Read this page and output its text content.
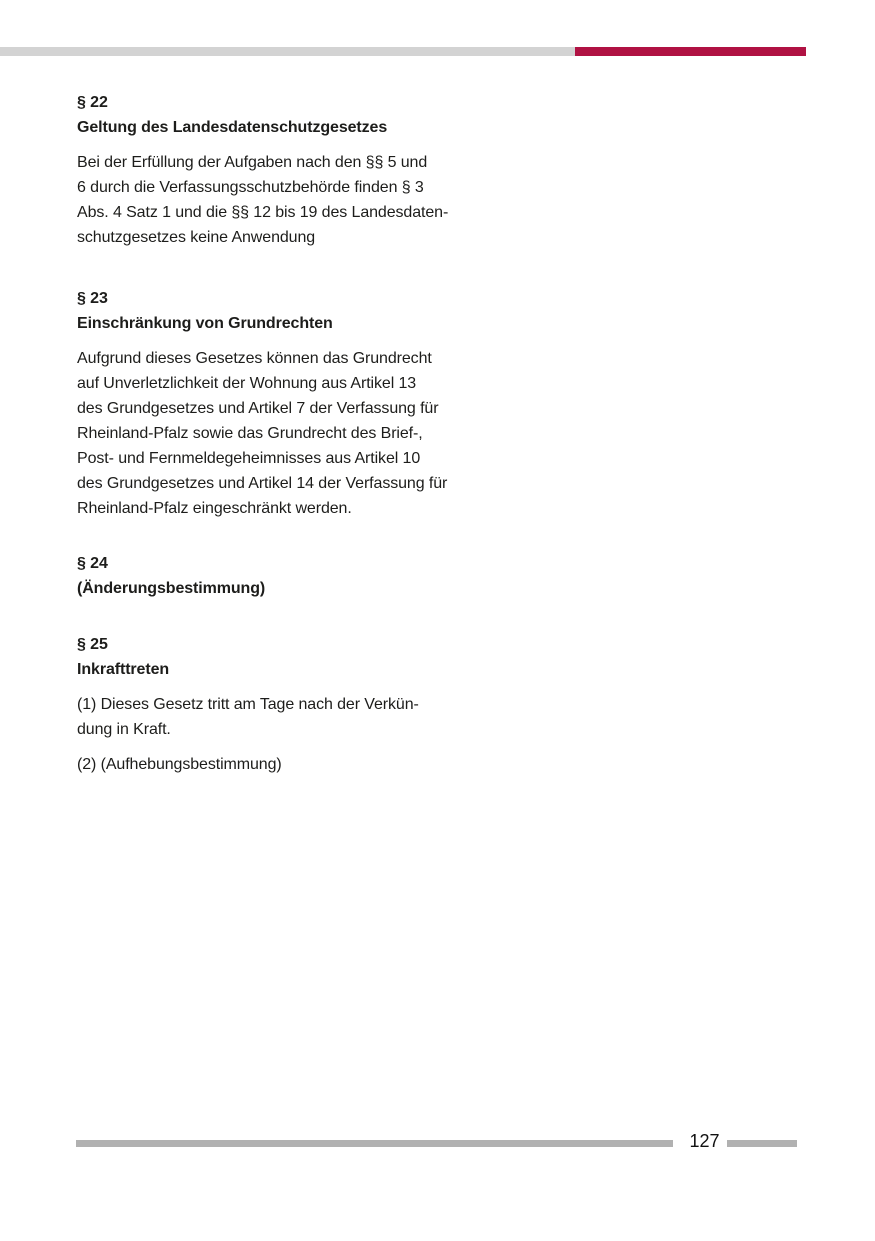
§ 22
Geltung des Landesdatenschutzgesetzes
Bei der Erfüllung der Aufgaben nach den §§ 5 und
6 durch die Verfassungsschutzbehörde finden § 3
Abs. 4 Satz 1 und die §§ 12 bis 19 des Landesdaten-
schutzgesetzes keine Anwendung
§ 23
Einschränkung von Grundrechten
Aufgrund dieses Gesetzes können das Grundrecht
auf Unverletzlichkeit der Wohnung aus Artikel 13
des Grundgesetzes und Artikel 7 der Verfassung für
Rheinland-Pfalz sowie das Grundrecht des Brief-,
Post- und Fernmeldegeheimnisses aus Artikel 10
des Grundgesetzes und Artikel 14 der Verfassung für
Rheinland-Pfalz eingeschränkt werden.
§ 24
(Änderungsbestimmung)
§ 25
Inkrafttreten
(1) Dieses Gesetz tritt am Tage nach der Verkün-
dung in Kraft.
(2) (Aufhebungsbestimmung)
127
